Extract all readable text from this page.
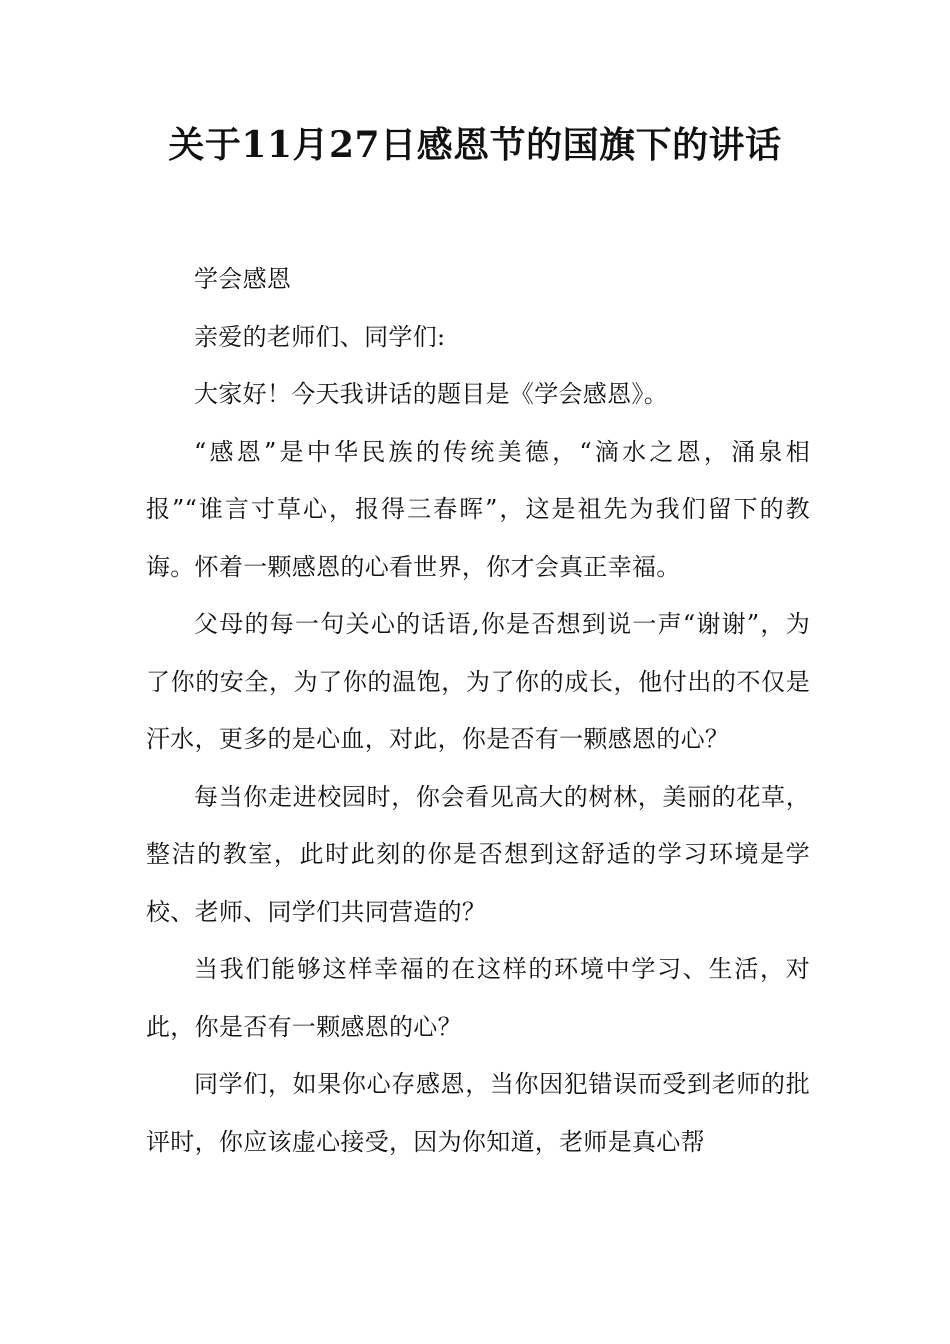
关于11月27日感恩节的国旗下的讲话

学会感恩

亲爱的老师们、同学们:

大家好！今天我讲话的题目是《学会感恩》。

“感恩”是中华民族的传统美德，“滴水之恩，涌泉相报”“谁言寸草心，报得三春晖”，这是祖先为我们留下的教诲。怀着一颗感恩的心看世界，你才会真正幸福。

父母的每一句关心的话语,你是否想到说一声“谢谢”，为了你的安全，为了你的温饱，为了你的成长，他付出的不仅是汗水，更多的是心血，对此，你是否有一颗感恩的心？

每当你走进校园时，你会看见高大的树林，美丽的花草，整洁的教室，此时此刻的你是否想到这舒适的学习环境是学校、老师、同学们共同营造的？

当我们能够这样幸福的在这样的环境中学习、生活，对此，你是否有一颗感恩的心？

同学们，如果你心存感恩，当你因犯错误而受到老师的批评时，你应该虚心接受，因为你知道，老师是真心帮
